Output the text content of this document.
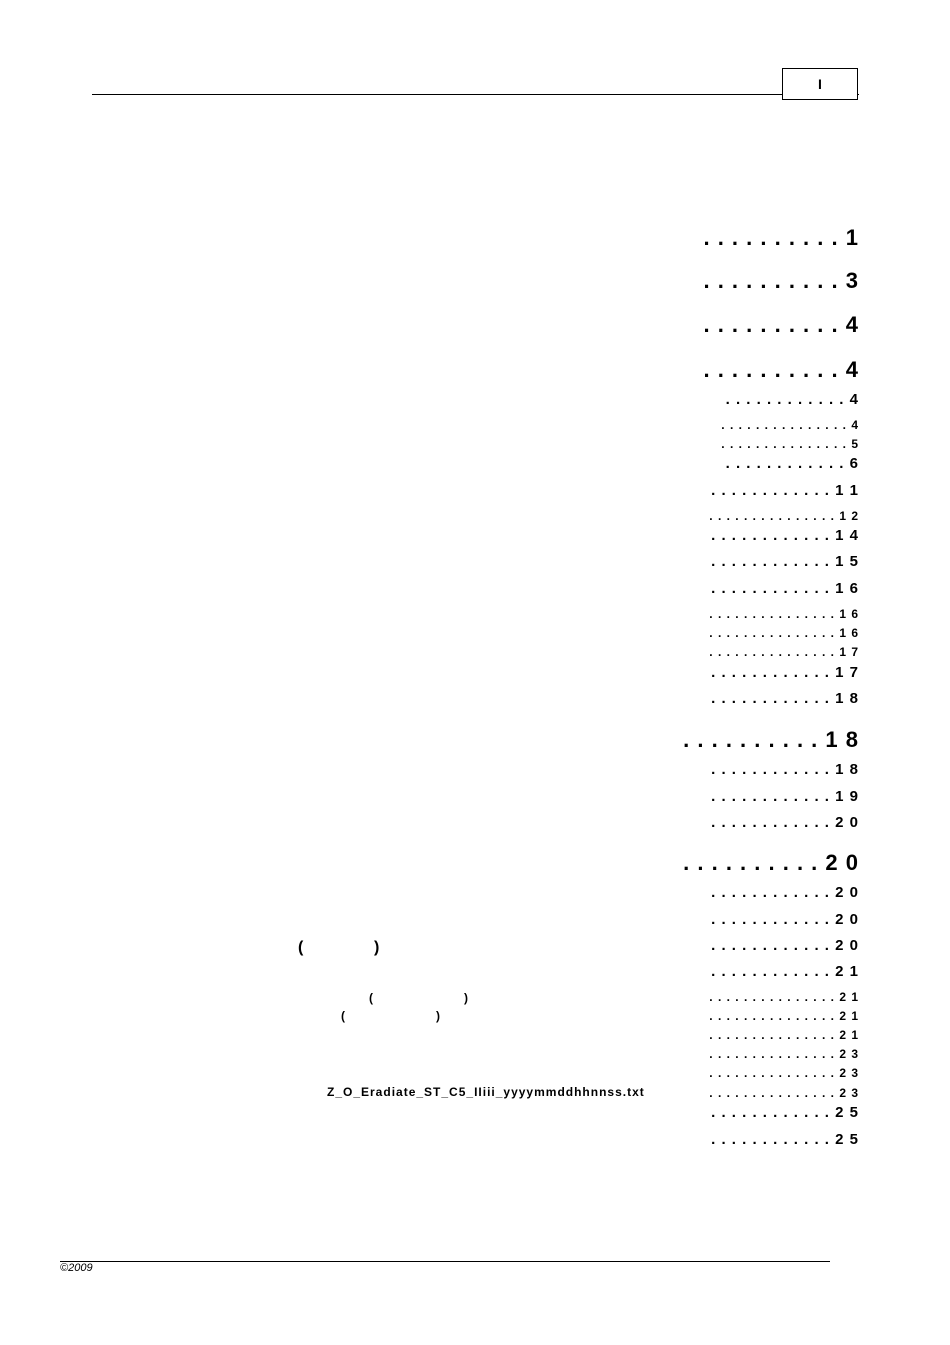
I
. . . . . . . . . . 1
. . . . . . . . . . 3
. . . . . . . . . . 4
. . . . . . . . . . 4
. . . . . . . . . . . . 4
. . . . . . . . . . . . . . . 4
. . . . . . . . . . . . . . . 5
. . . . . . . . . . . . 6
. . . . . . . . . . . . 1 1
. . . . . . . . . . . . . . . 1 2
. . . . . . . . . . . . 1 4
. . . . . . . . . . . . 1 5
. . . . . . . . . . . . 1 6
. . . . . . . . . . . . . . . 1 6
. . . . . . . . . . . . . . . 1 6
. . . . . . . . . . . . . . . 1 7
. . . . . . . . . . . . 1 7
. . . . . . . . . . . . 1 8
. . . . . . . . . . 1 8
. . . . . . . . . . . . 1 8
. . . . . . . . . . . . 1 9
. . . . . . . . . . . . 2 0
. . . . . . . . . . 2 0
. . . . . . . . . . . . 2 0
. . . . . . . . . . . . 2 0
. . . . . . . . . . . . 2 0
. . . . . . . . . . . . 2 1
. . . . . . . . . . . . . . . 2 1
. . . . . . . . . . . . . . . 2 1
. . . . . . . . . . . . . . . 2 1
. . . . . . . . . . . . . . . 2 3
. . . . . . . . . . . . . . . 2 3
. . . . . . . . . . . . . . . 2 3
. . . . . . . . . . . . 2 5
. . . . . . . . . . . . 2 5
(	)
(	)
(	)
Z_O_Eradiate_ST_C5_IIiii_yyyymmddhhnnss.txt
©2009
